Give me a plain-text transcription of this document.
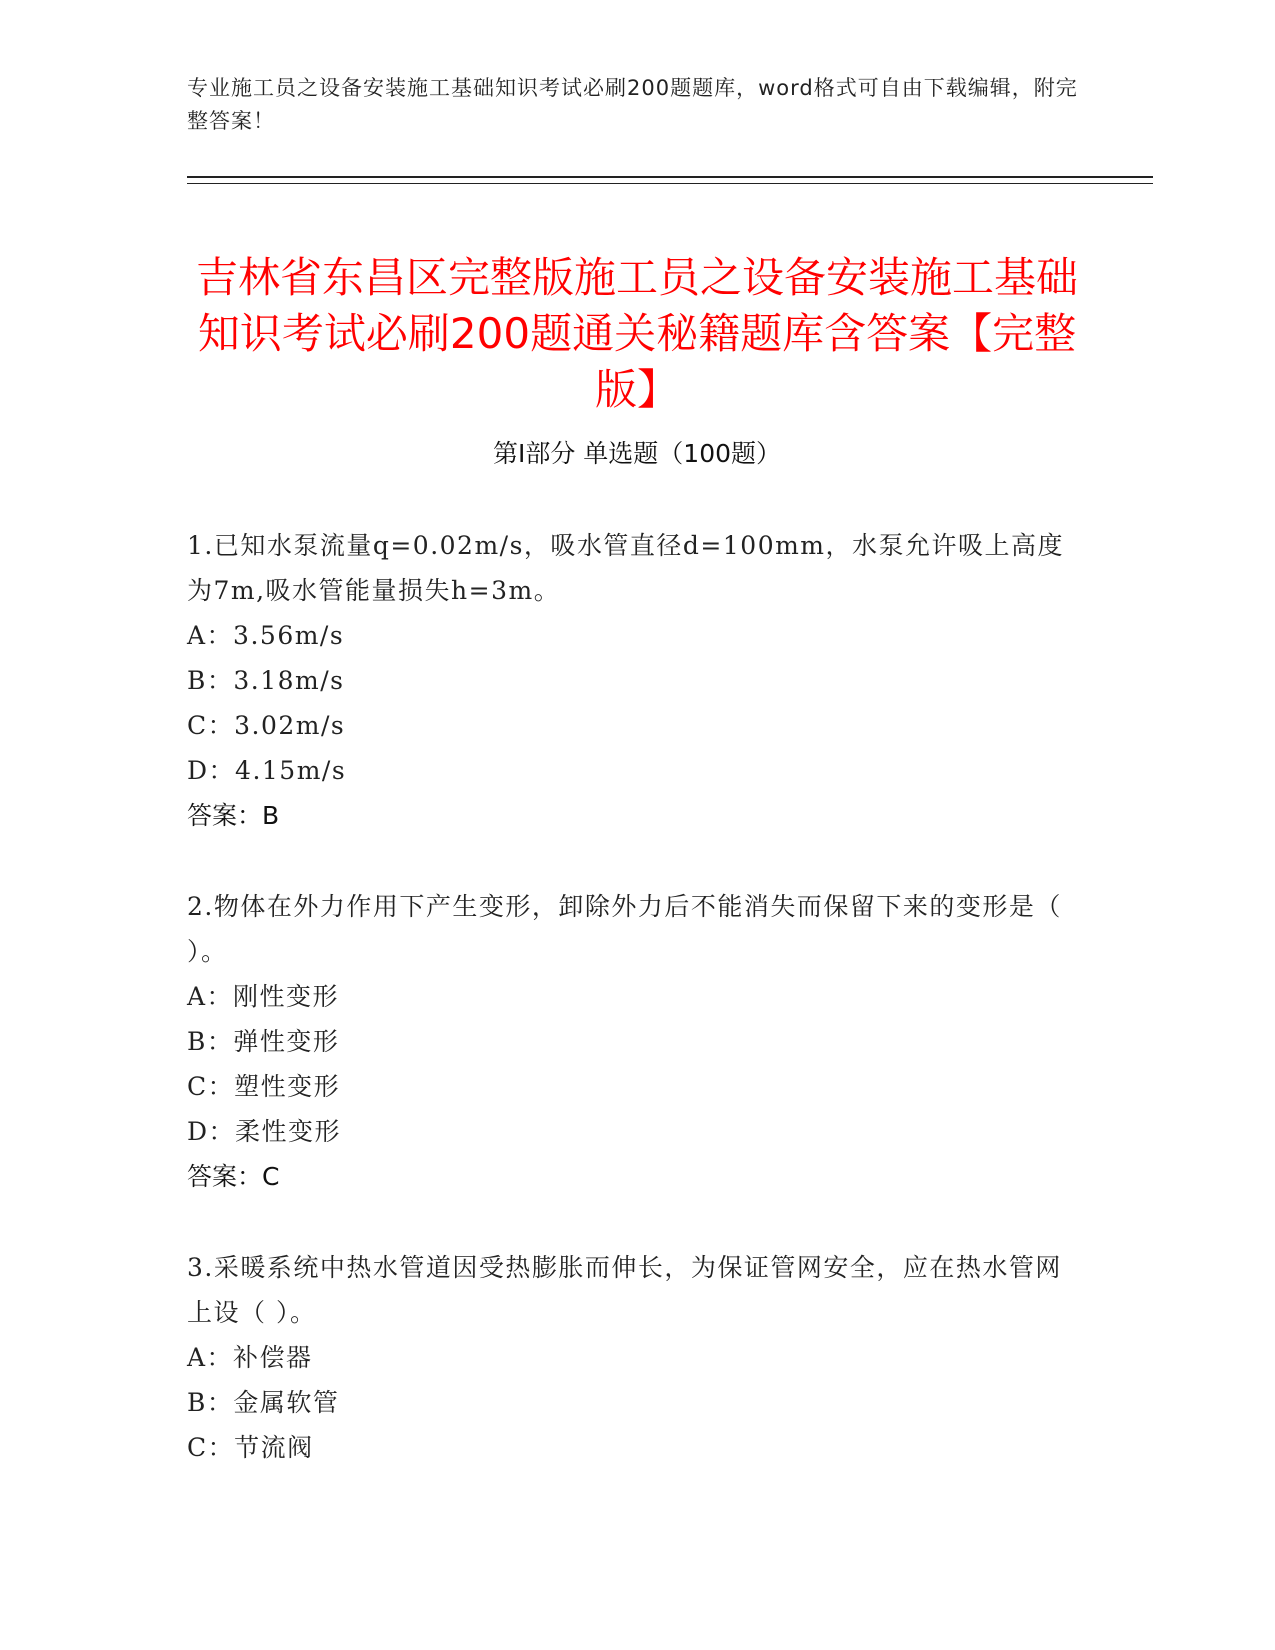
专业施工员之设备安装施工基础知识考试必刷200题题库，word格式可自由下载编辑，附完整答案！
吉林省东昌区完整版施工员之设备安装施工基础知识考试必刷200题通关秘籍题库含答案【完整版】
第Ⅰ部分 单选题（100题）
1.已知水泵流量q=0.02m/s，吸水管直径d=100mm，水泵允许吸上高度为7m,吸水管能量损失h=3m。
A：3.56m/s
B：3.18m/s
C：3.02m/s
D：4.15m/s
答案：B
2.物体在外力作用下产生变形，卸除外力后不能消失而保留下来的变形是（ ）。
A：刚性变形
B：弹性变形
C：塑性变形
D：柔性变形
答案：C
3.采暖系统中热水管道因受热膨胀而伸长，为保证管网安全，应在热水管网上设（ ）。
A：补偿器
B：金属软管
C：节流阀
